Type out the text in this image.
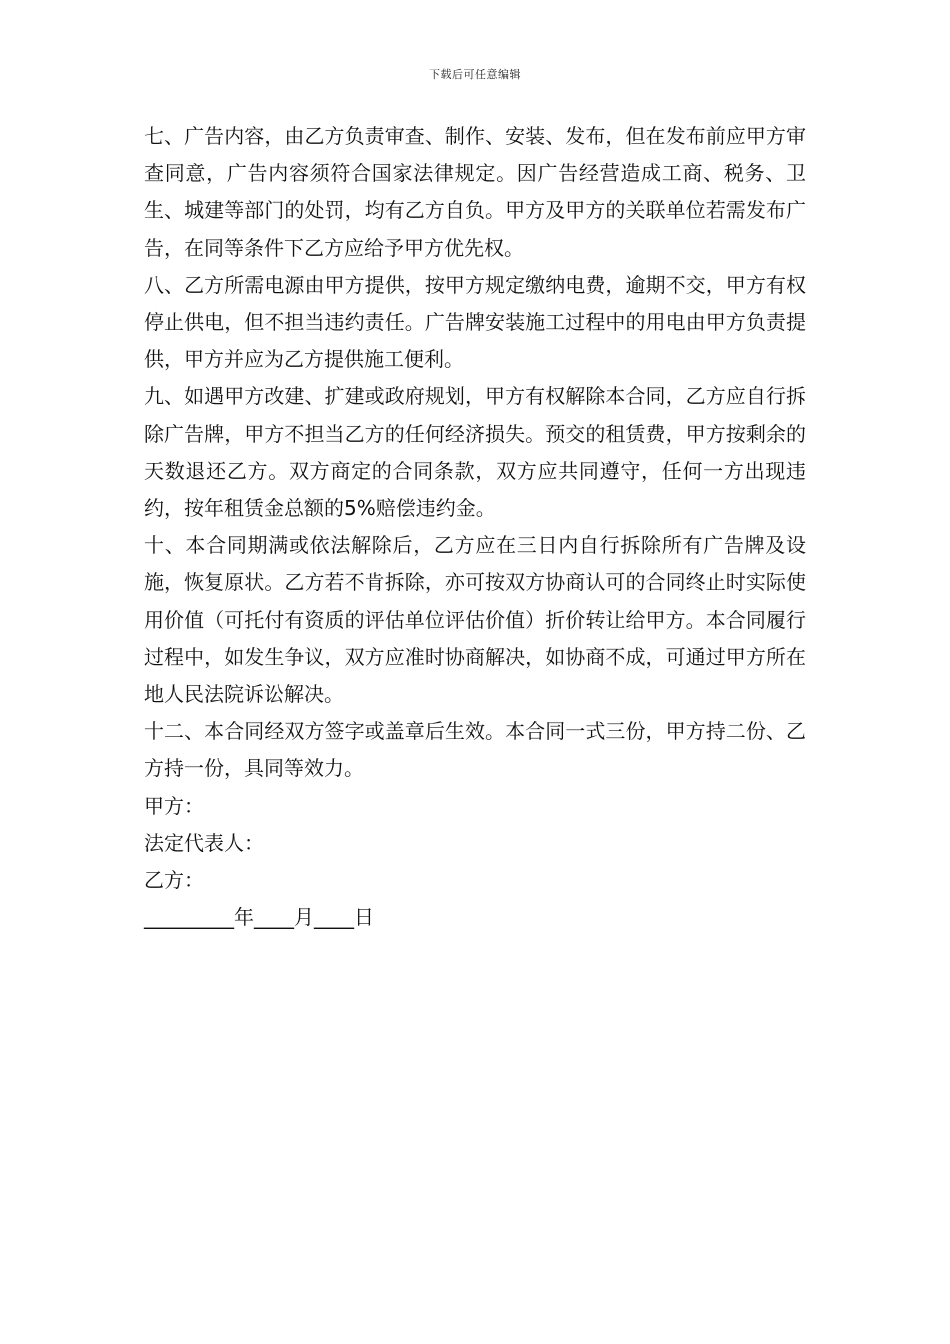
下载后可任意编辑

七、广告内容，由乙方负责审查、制作、安装、发布，但在发布前应甲方审查同意，广告内容须符合国家法律规定。因广告经营造成工商、税务、卫生、城建等部门的处罚，均有乙方自负。甲方及甲方的关联单位若需发布广告，在同等条件下乙方应给予甲方优先权。

八、乙方所需电源由甲方提供，按甲方规定缴纳电费，逾期不交，甲方有权停止供电，但不担当违约责任。广告牌安装施工过程中的用电由甲方负责提供，甲方并应为乙方提供施工便利。

九、如遇甲方改建、扩建或政府规划，甲方有权解除本合同，乙方应自行拆除广告牌，甲方不担当乙方的任何经济损失。预交的租赁费，甲方按剩余的天数退还乙方。双方商定的合同条款，双方应共同遵守，任何一方出现违约，按年租赁金总额的5%赔偿违约金。

十、本合同期满或依法解除后，乙方应在三日内自行拆除所有广告牌及设施，恢复原状。乙方若不肯拆除，亦可按双方协商认可的合同终止时实际使用价值（可托付有资质的评估单位评估价值）折价转让给甲方。本合同履行过程中，如发生争议，双方应准时协商解决，如协商不成，可通过甲方所在地人民法院诉讼解决。

十二、本合同经双方签字或盖章后生效。本合同一式三份，甲方持二份、乙方持一份，具同等效力。

甲方：

法定代表人：

乙方：

_________年____月____日
